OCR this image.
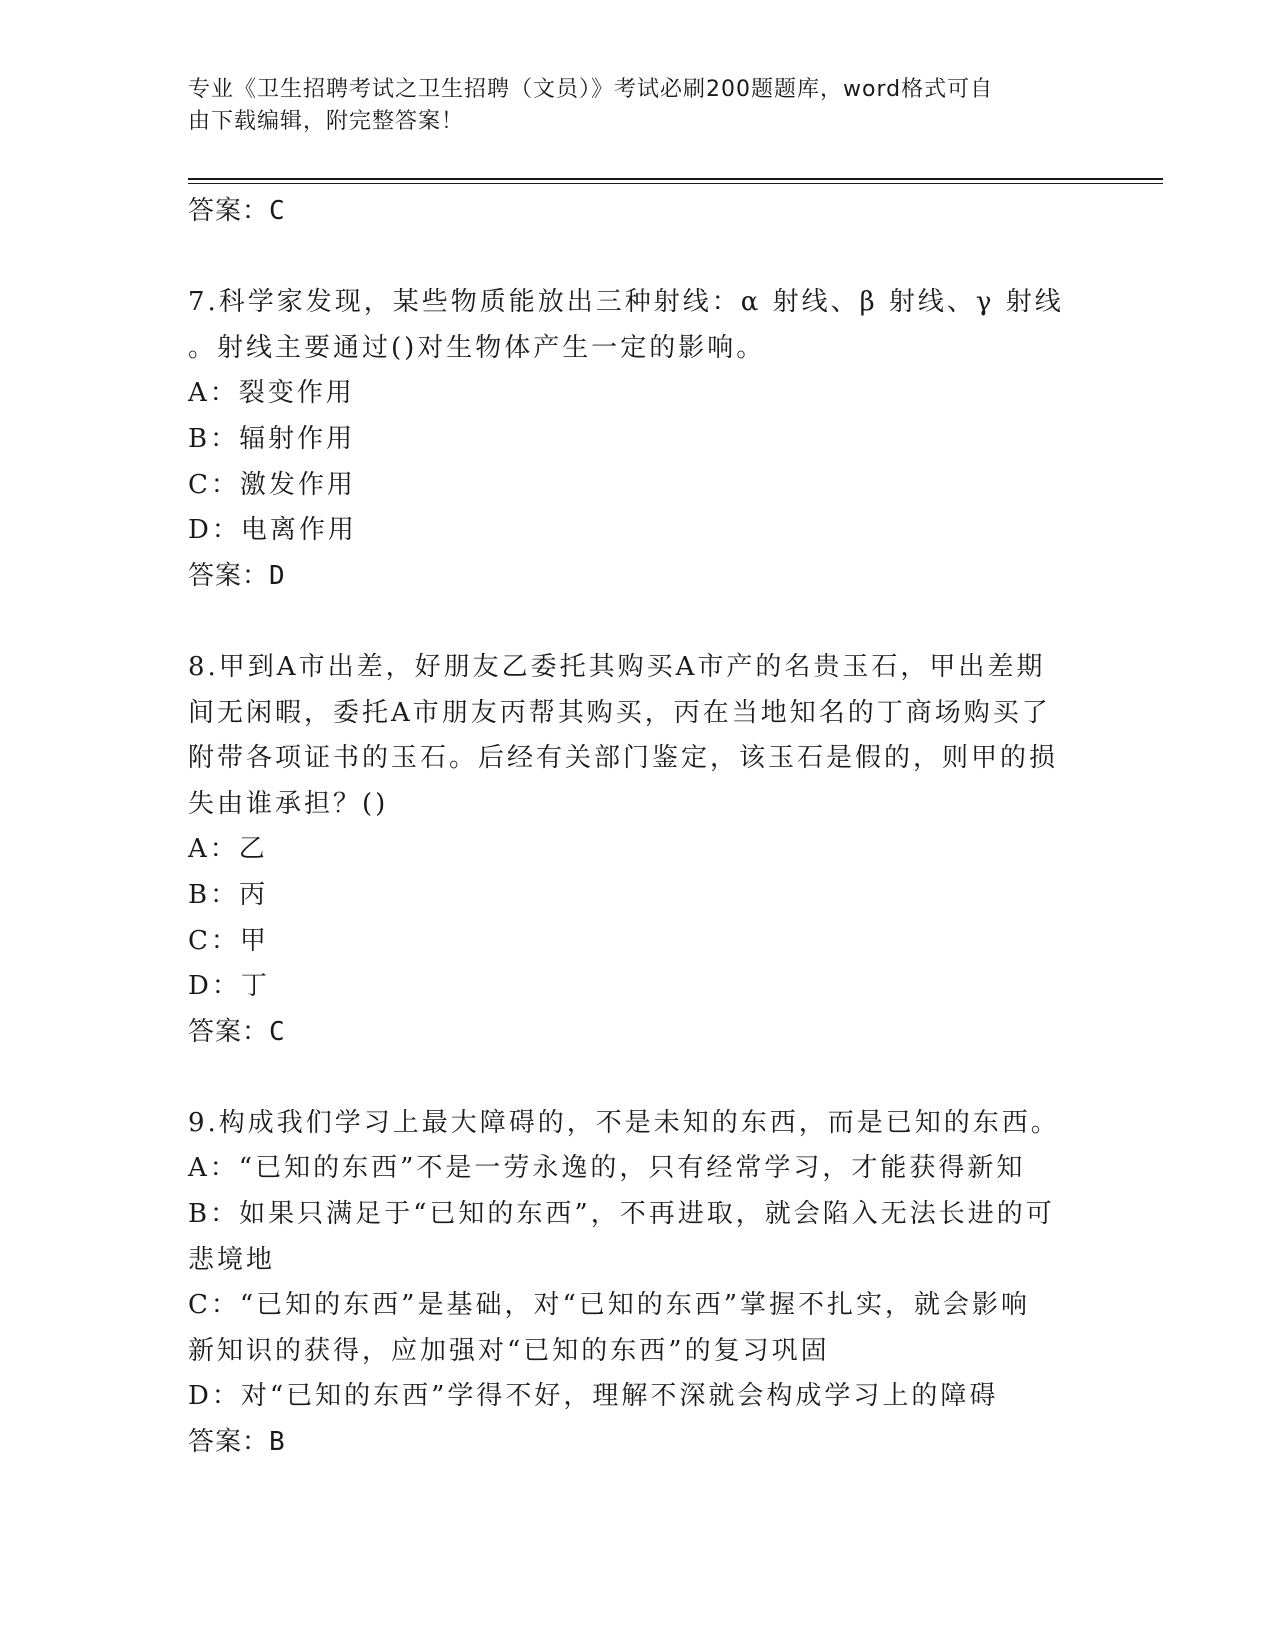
专业《卫生招聘考试之卫生招聘（文员）》考试必刷200题题库，word格式可自
由下载编辑，附完整答案！
答案：C
7.科学家发现，某些物质能放出三种射线：α 射线、β 射线、γ 射线
。射线主要通过()对生物体产生一定的影响。
A：裂变作用
B：辐射作用
C：激发作用
D：电离作用
答案：D
8.甲到A市出差，好朋友乙委托其购买A市产的名贵玉石，甲出差期
间无闲暇，委托A市朋友丙帮其购买，丙在当地知名的丁商场购买了
附带各项证书的玉石。后经有关部门鉴定，该玉石是假的，则甲的损
失由谁承担？()
A：乙
B：丙
C：甲
D：丁
答案：C
9.构成我们学习上最大障碍的，不是未知的东西，而是已知的东西。
A：“已知的东西”不是一劳永逸的，只有经常学习，才能获得新知
B：如果只满足于“已知的东西”，不再进取，就会陷入无法长进的可
悲境地
C：“已知的东西”是基础，对“已知的东西”掌握不扎实，就会影响
新知识的获得，应加强对“已知的东西”的复习巩固
D：对“已知的东西”学得不好，理解不深就会构成学习上的障碍
答案：B
